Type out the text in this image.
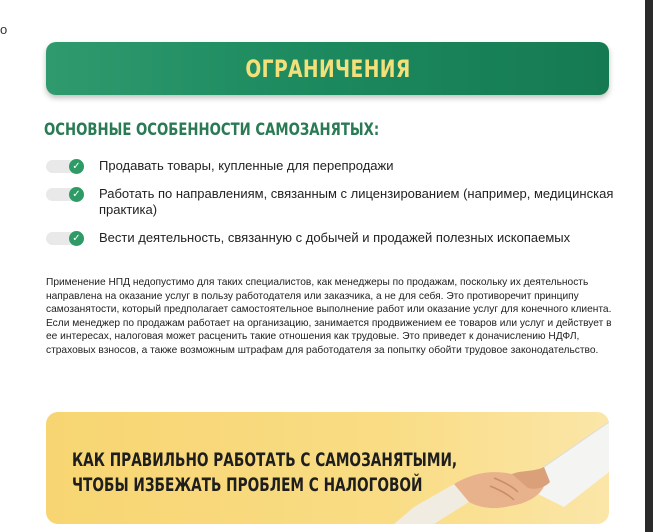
о
ОГРАНИЧЕНИЯ
ОСНОВНЫЕ ОСОБЕННОСТИ САМОЗАНЯТЫХ:
✓ Продавать товары, купленные для перепродажи
✓ Работать по направлениям, связанным с лицензированием (например, медицинская практика)
✓ Вести деятельность, связанную с добычей и продажей полезных ископаемых
Применение НПД недопустимо для таких специалистов, как менеджеры по продажам, поскольку их деятельность направлена на оказание услуг в пользу работодателя или заказчика, а не для себя. Это противоречит принципу самозанятости, который предполагает самостоятельное выполнение работ или оказание услуг для конечного клиента. Если менеджер по продажам работает на организацию, занимается продвижением ее товаров или услуг и действует в ее интересах, налоговая может расценить такие отношения как трудовые. Это приведет к доначислению НДФЛ, страховых взносов, а также возможным штрафам для работодателя за попытку обойти трудовое законодательство.
КАК ПРАВИЛЬНО РАБОТАТЬ С САМОЗАНЯТЫМИ,
ЧТОБЫ ИЗБЕЖАТЬ ПРОБЛЕМ С НАЛОГОВОЙ
